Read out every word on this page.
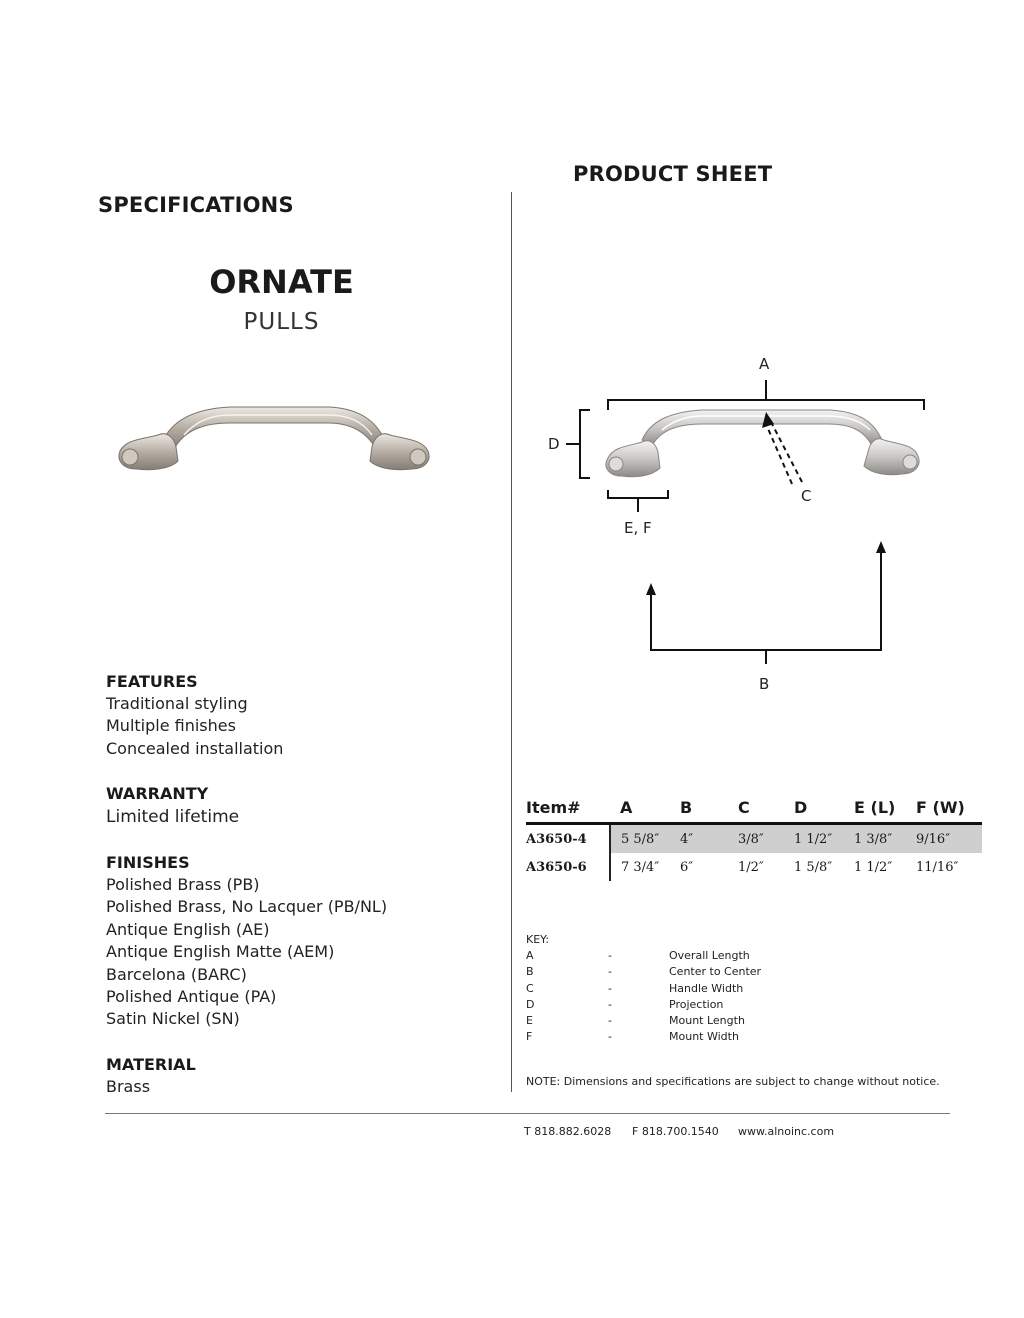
SPECIFICATIONS
PRODUCT SHEET
ORNATE
PULLS
FEATURES
Traditional styling
Multiple finishes
Concealed installation
WARRANTY
Limited lifetime
FINISHES
Polished Brass (PB)
Polished Brass, No Lacquer (PB/NL)
Antique English (AE)
Antique English Matte (AEM)
Barcelona (BARC)
Polished Antique (PA)
Satin Nickel (SN)
MATERIAL
Brass
A
D
C
E, F
B
Item#	A	B	C	D	E (L)	F (W)
A3650-4	5 5/8″	4″	3/8″	1 1/2″	1 3/8″	9/16″
A3650-6	7 3/4″	6″	1/2″	1 5/8″	1 1/2″	11/16″
KEY:
A	-	Overall Length
B	-	Center to Center
C	-	Handle Width
D	-	Projection
E	-	Mount Length
F	-	Mount Width
NOTE: Dimensions and specifications are subject to change without notice.
T 818.882.6028 F 818.700.1540 www.alnoinc.com
